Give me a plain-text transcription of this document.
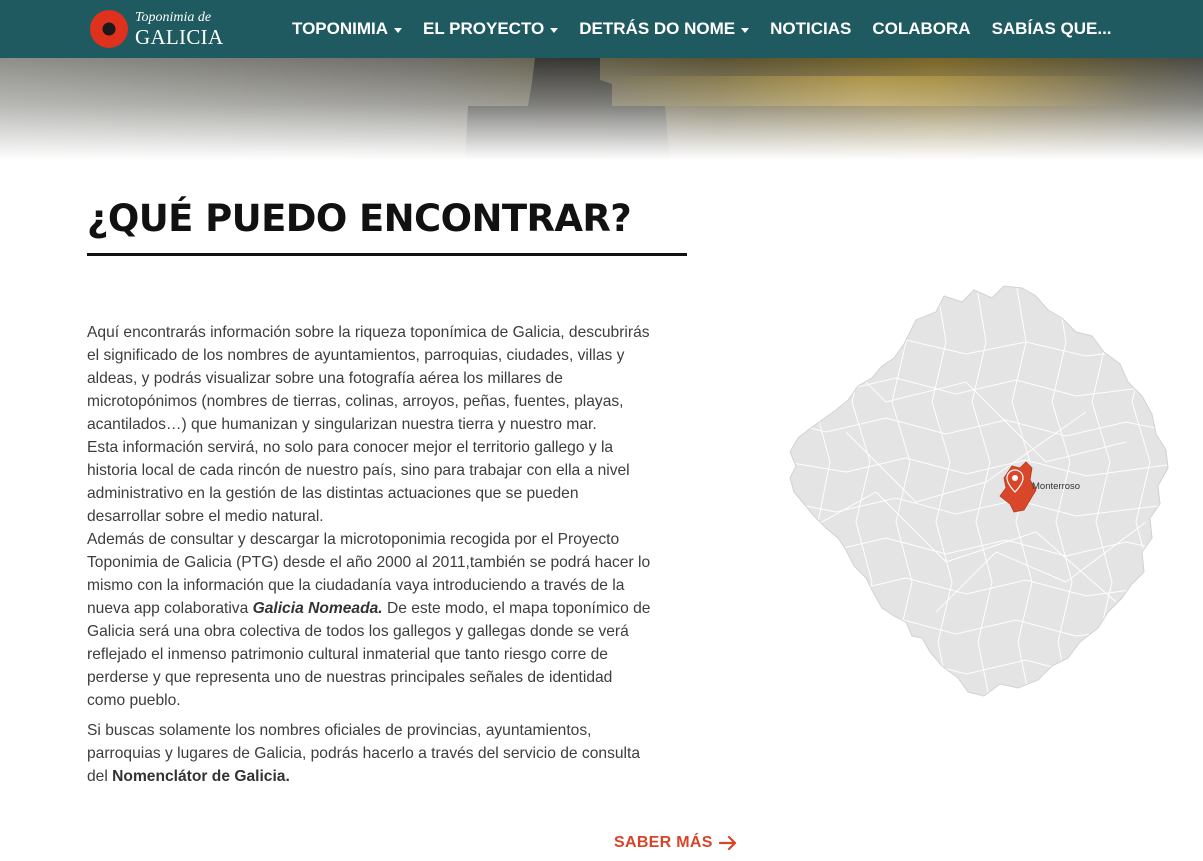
Toponimia de
GALICIA	TOPONIMIA EL PROYECTO DETRÁS DO NOME NOTICIAS COLABORA SABÍAS QUE...
¿QUÉ PUEDO ENCONTRAR?

Aquí encontrarás información sobre la riqueza toponímica de Galicia, descubrirás
el significado de los nombres de ayuntamientos, parroquias, ciudades, villas y
aldeas, y podrás visualizar sobre una fotografía aérea los millares de
microtopónimos (nombres de tierras, colinas, arroyos, peñas, fuentes, playas,
acantilados…) que humanizan y singularizan nuestra tierra y nuestro mar.

Esta información servirá, no solo para conocer mejor el territorio gallego y la
historia local de cada rincón de nuestro país, sino para trabajar con ella a nivel
administrativo en la gestión de las distintas actuaciones que se pueden
desarrollar sobre el medio natural.

Además de consultar y descargar la microtoponimia recogida por el Proyecto
Toponimia de Galicia (PTG) desde el año 2000 al 2011,también se podrá hacer lo
mismo con la información que la ciudadanía vaya introduciendo a través de la
nueva app colaborativa Galicia Nomeada. De este modo, el mapa toponímico de
Galicia será una obra colectiva de todos los gallegos y gallegas donde se verá
reflejado el inmenso patrimonio cultural inmaterial que tanto riesgo corre de
perderse y que representa uno de nuestras principales señales de identidad
como pueblo.

Si buscas solamente los nombres oficiales de provincias, ayuntamientos,
parroquias y lugares de Galicia, podrás hacerlo a través del servicio de consulta
del Nomenclátor de Galicia.

SABER MÁS
Monterroso
